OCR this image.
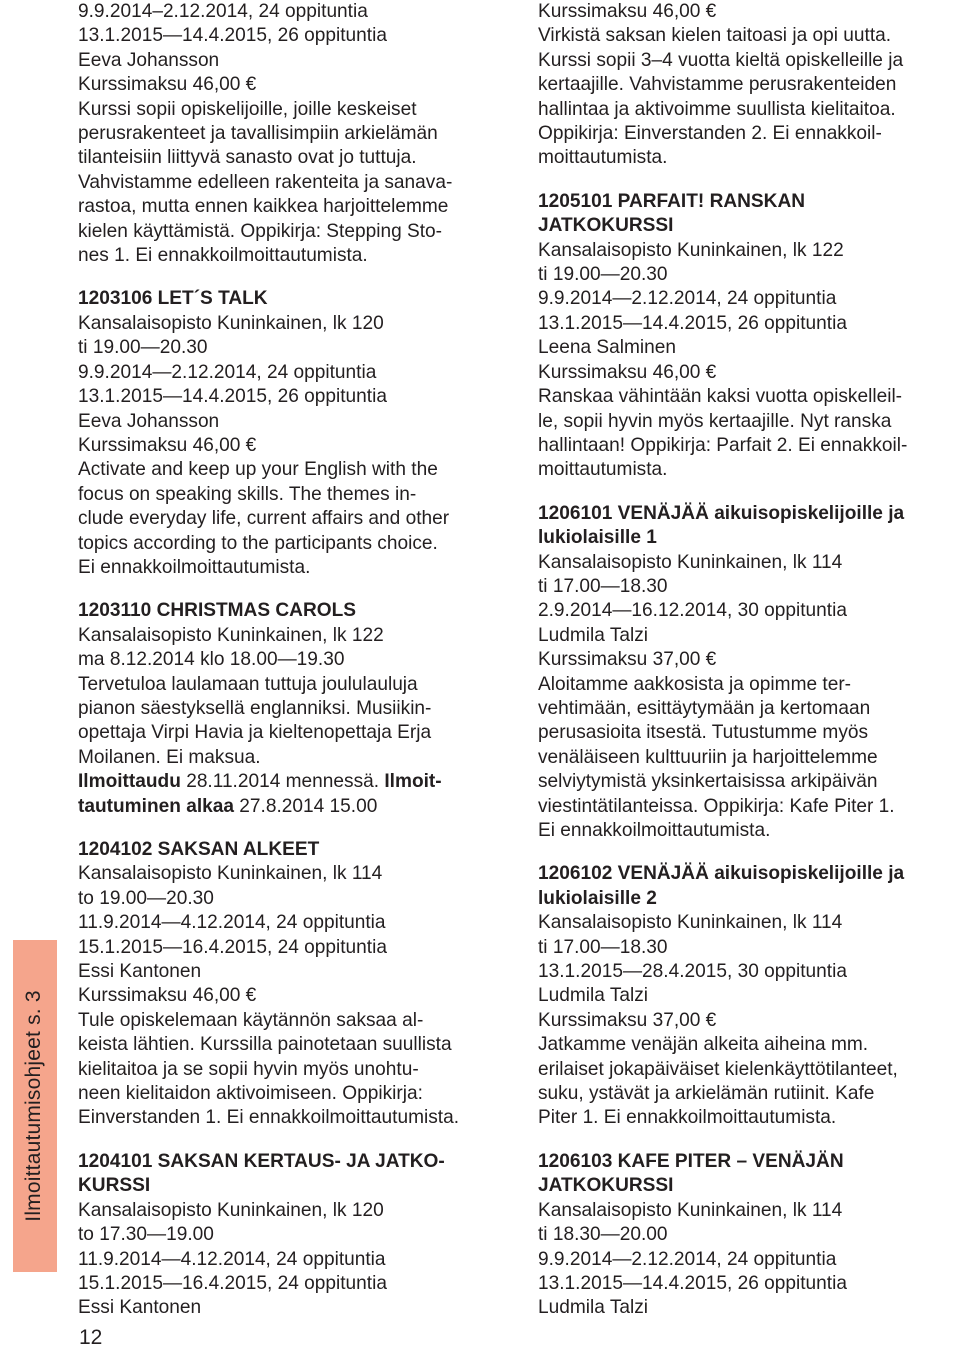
Ilmoittautumisohjeet s. 3
12
9.9.2014–2.12.2014, 24 oppituntia
13.1.2015—14.4.2015, 26 oppituntia
Eeva Johansson
Kurssimaksu 46,00 €
Kurssi sopii opiskelijoille, joille keskeiset
perusrakenteet ja tavallisimpiin arkielämän
tilanteisiin liittyvä sanasto ovat jo tuttuja.
Vahvistamme edelleen rakenteita ja sanava-
rastoa, mutta ennen kaikkea harjoittelemme
kielen käyttämistä. Oppikirja: Stepping Sto-
nes 1. Ei ennakkoilmoittautumista.
1203106 LET´S TALK
Kansalaisopisto Kuninkainen, lk 120
ti 19.00—20.30
9.9.2014—2.12.2014, 24 oppituntia
13.1.2015—14.4.2015, 26 oppituntia
Eeva Johansson
Kurssimaksu 46,00 €
Activate and keep up your English with the
focus on speaking skills. The themes in-
clude everyday life, current affairs and other
topics according to the participants choice.
Ei ennakkoilmoittautumista.
1203110 CHRISTMAS CAROLS
Kansalaisopisto Kuninkainen, lk 122
ma 8.12.2014 klo 18.00—19.30
Tervetuloa laulamaan tuttuja joululauluja
pianon säestyksellä englanniksi. Musiikin-
opettaja Virpi Havia ja kieltenopettaja Erja
Moilanen. Ei maksua.
Ilmoittaudu 28.11.2014 mennessä. Ilmoit-
tautuminen alkaa 27.8.2014 15.00
1204102 SAKSAN ALKEET
Kansalaisopisto Kuninkainen, lk 114
to 19.00—20.30
11.9.2014—4.12.2014, 24 oppituntia
15.1.2015—16.4.2015, 24 oppituntia
Essi Kantonen
Kurssimaksu 46,00 €
Tule opiskelemaan käytännön saksaa al-
keista lähtien. Kurssilla painotetaan suullista
kielitaitoa ja se sopii hyvin myös unohtu-
neen kielitaidon aktivoimiseen. Oppikirja:
Einverstanden 1. Ei ennakkoilmoittautumista.
1204101 SAKSAN KERTAUS- JA JATKO-
KURSSI
Kansalaisopisto Kuninkainen, lk 120
to 17.30—19.00
11.9.2014—4.12.2014, 24 oppituntia
15.1.2015—16.4.2015, 24 oppituntia
Essi Kantonen
Kurssimaksu 46,00 €
Virkistä saksan kielen taitoasi ja opi uutta.
Kurssi sopii 3–4 vuotta kieltä opiskelleille ja
kertaajille. Vahvistamme perusrakenteiden
hallintaa ja aktivoimme suullista kielitaitoa.
Oppikirja: Einverstanden 2. Ei ennakkoil-
moittautumista.
1205101 PARFAIT! RANSKAN
JATKOKURSSI
Kansalaisopisto Kuninkainen, lk 122
ti 19.00—20.30
9.9.2014—2.12.2014, 24 oppituntia
13.1.2015—14.4.2015, 26 oppituntia
Leena Salminen
Kurssimaksu 46,00 €
Ranskaa vähintään kaksi vuotta opiskelleil-
le, sopii hyvin myös kertaajille. Nyt ranska
hallintaan! Oppikirja: Parfait 2. Ei ennakkoil-
moittautumista.
1206101 VENÄJÄÄ aikuisopiskelijoille ja
lukiolaisille 1
Kansalaisopisto Kuninkainen, lk 114
ti 17.00—18.30
2.9.2014—16.12.2014, 30 oppituntia
Ludmila Talzi
Kurssimaksu 37,00 €
Aloitamme aakkosista ja opimme ter-
vehtimään, esittäytymään ja kertomaan
perusasioita itsestä. Tutustumme myös
venäläiseen kulttuuriin ja harjoittelemme
selviytymistä yksinkertaisissa arkipäivän
viestintätilanteissa. Oppikirja: Kafe Piter 1.
Ei ennakkoilmoittautumista.
1206102 VENÄJÄÄ aikuisopiskelijoille ja
lukiolaisille 2
Kansalaisopisto Kuninkainen, lk 114
ti 17.00—18.30
13.1.2015—28.4.2015, 30 oppituntia
Ludmila Talzi
Kurssimaksu 37,00 €
Jatkamme venäjän alkeita aiheina mm.
erilaiset jokapäiväiset kielenkäyttötilanteet,
suku, ystävät ja arkielämän rutiinit. Kafe
Piter 1. Ei ennakkoilmoittautumista.
1206103 KAFE PITER – VENÄJÄN
JATKOKURSSI
Kansalaisopisto Kuninkainen, lk 114
ti 18.30—20.00
9.9.2014—2.12.2014, 24 oppituntia
13.1.2015—14.4.2015, 26 oppituntia
Ludmila Talzi
